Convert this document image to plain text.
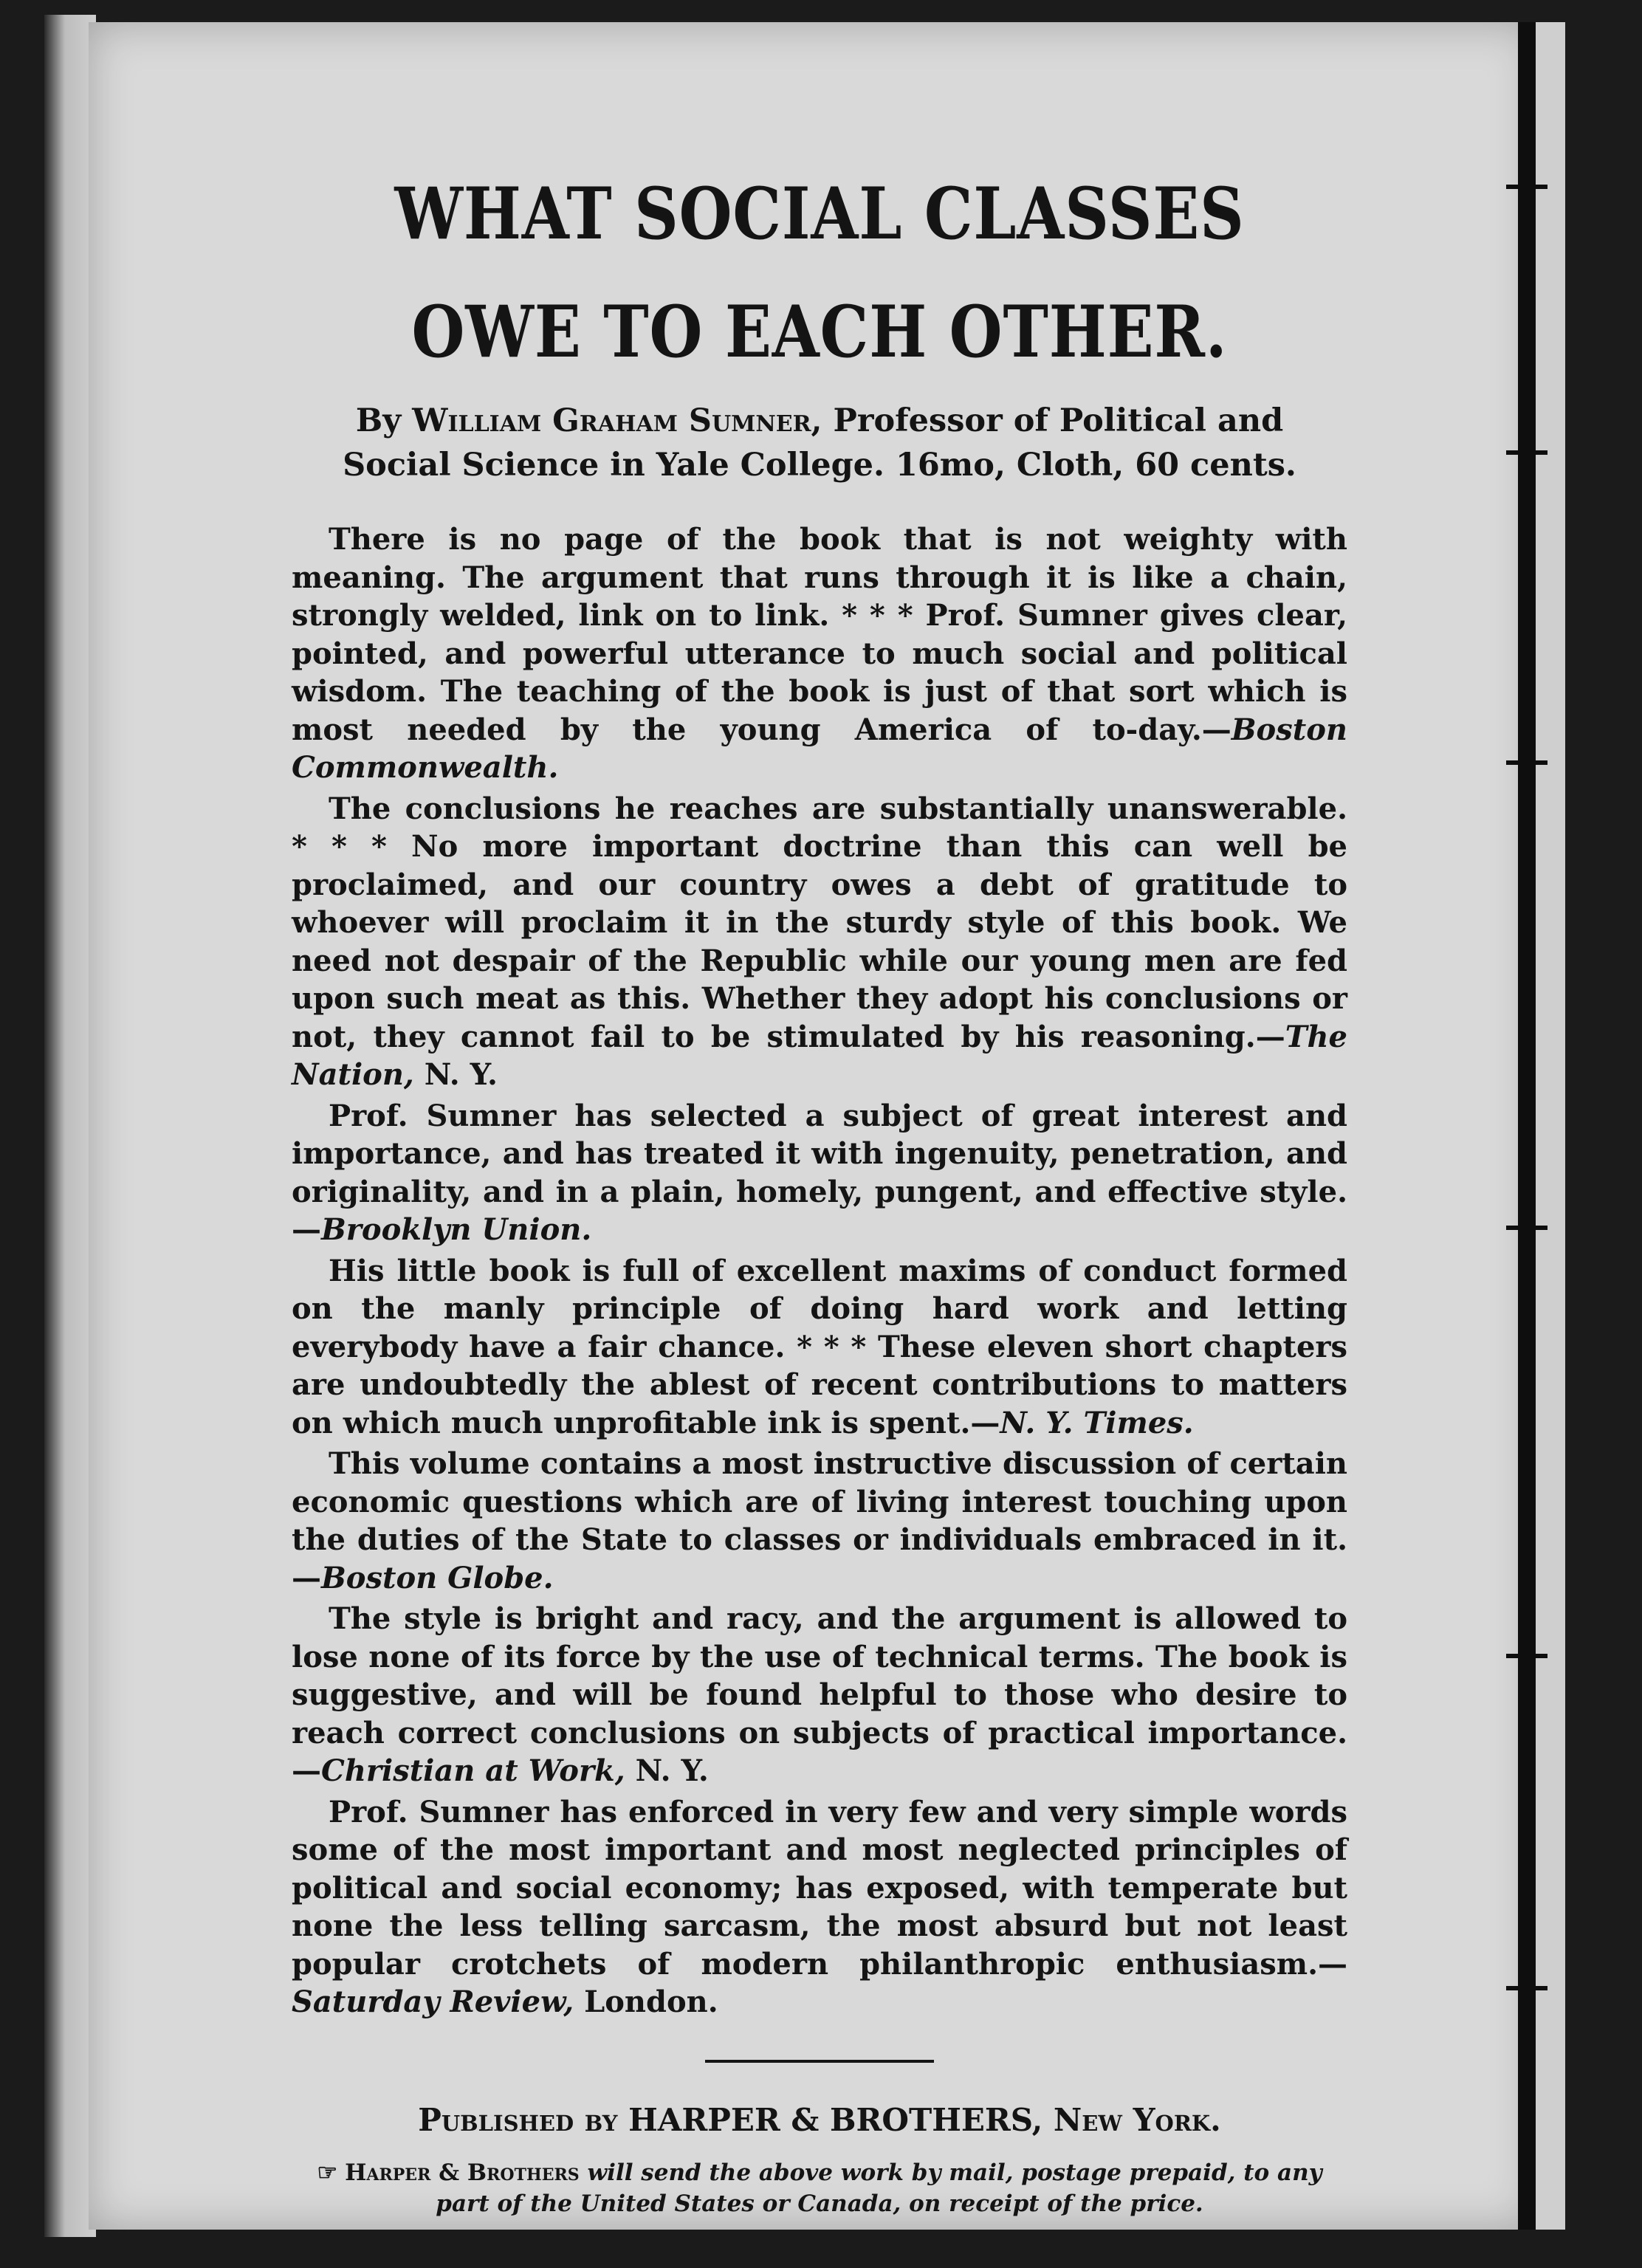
WHAT SOCIAL CLASSES OWE TO EACH OTHER.

By William Graham Sumner, Professor of Political and Social Science in Yale College. 16mo, Cloth, 60 cents.

There is no page of the book that is not weighty with meaning. The argument that runs through it is like a chain, strongly welded, link on to link. * * * Prof. Sumner gives clear, pointed, and powerful utterance to much social and political wisdom. The teaching of the book is just of that sort which is most needed by the young America of to-day.—Boston Commonwealth.

The conclusions he reaches are substantially unanswerable. * * * No more important doctrine than this can well be proclaimed, and our country owes a debt of gratitude to whoever will proclaim it in the sturdy style of this book. We need not despair of the Republic while our young men are fed upon such meat as this. Whether they adopt his conclusions or not, they cannot fail to be stimulated by his reasoning.—The Nation, N. Y.

Prof. Sumner has selected a subject of great interest and importance, and has treated it with ingenuity, penetration, and originality, and in a plain, homely, pungent, and effective style.—Brooklyn Union.

His little book is full of excellent maxims of conduct formed on the manly principle of doing hard work and letting everybody have a fair chance. * * * These eleven short chapters are undoubtedly the ablest of recent contributions to matters on which much unprofitable ink is spent.—N. Y. Times.

This volume contains a most instructive discussion of certain economic questions which are of living interest touching upon the duties of the State to classes or individuals embraced in it.—Boston Globe.

The style is bright and racy, and the argument is allowed to lose none of its force by the use of technical terms. The book is suggestive, and will be found helpful to those who desire to reach correct conclusions on subjects of practical importance.—Christian at Work, N. Y.

Prof. Sumner has enforced in very few and very simple words some of the most important and most neglected principles of political and social economy; has exposed, with temperate but none the less telling sarcasm, the most absurd but not least popular crotchets of modern philanthropic enthusiasm.—Saturday Review, London.

Published by HARPER & BROTHERS, New York.

☞ Harper & Brothers will send the above work by mail, postage prepaid, to any part of the United States or Canada, on receipt of the price.
